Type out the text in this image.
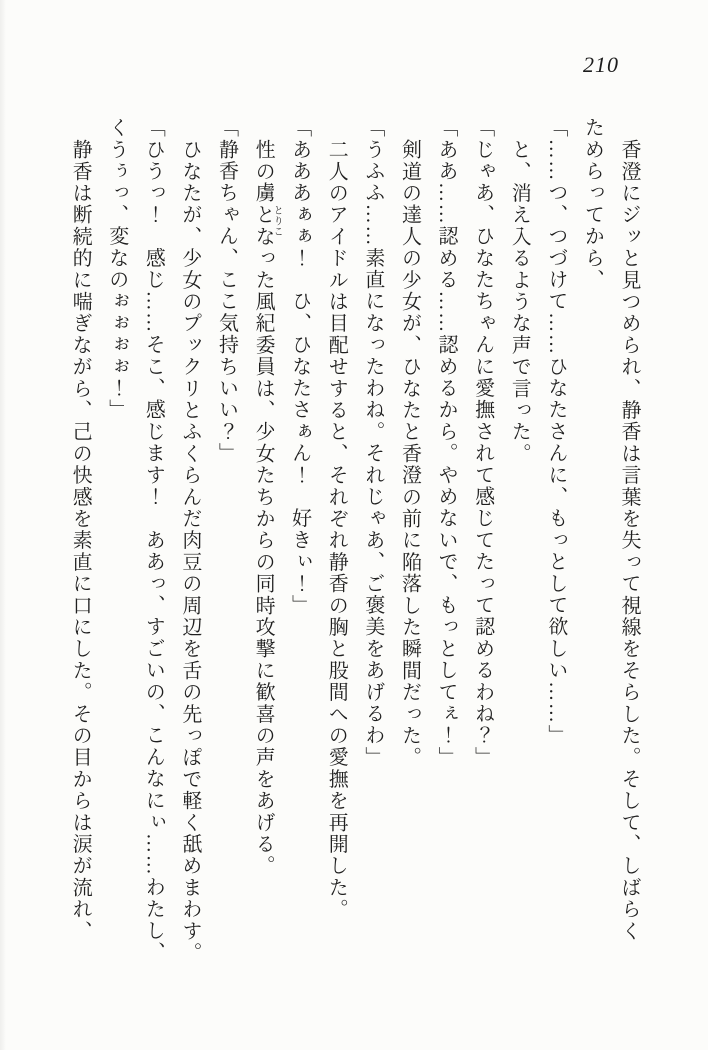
210
香澄にジッと見つめられ、静香は言葉を失って視線をそらした。そして、しばらく
ためらってから、
「……つ、つづけて……ひなたさんに、もっとして欲しい……」
と、消え入るような声で言った。
「じゃあ、ひなたちゃんに愛撫されて感じてたって認めるわね？」
「ああ……認める……認めるから。やめないで、もっとしてぇ！」
剣道の達人の少女が、ひなたと香澄の前に陥落した瞬間だった。
「うふふ……素直になったわね。それじゃあ、ご褒美をあげるわ」
二人のアイドルは目配せすると、それぞれ静香の胸と股間への愛撫を再開した。
「あああぁぁ！　ひ、ひなたさぁん！　好きぃ！」
性の虜
とりこ
となった風紀委員は、少女たちからの同時攻撃に歓喜の声をあげる。
「静香ちゃん、ここ気持ちいい？」
ひなたが、少女のプックリとふくらんだ肉豆の周辺を舌の先っぽで軽く舐めまわす。
「ひうっ！　感じ……そこ、感じます！　ああっ、すごいの、こんなにぃ……わたし、
くうぅっ、変なのぉぉぉぉ！」
静香は断続的に喘ぎながら、己の快感を素直に口にした。その目からは涙が流れ、
